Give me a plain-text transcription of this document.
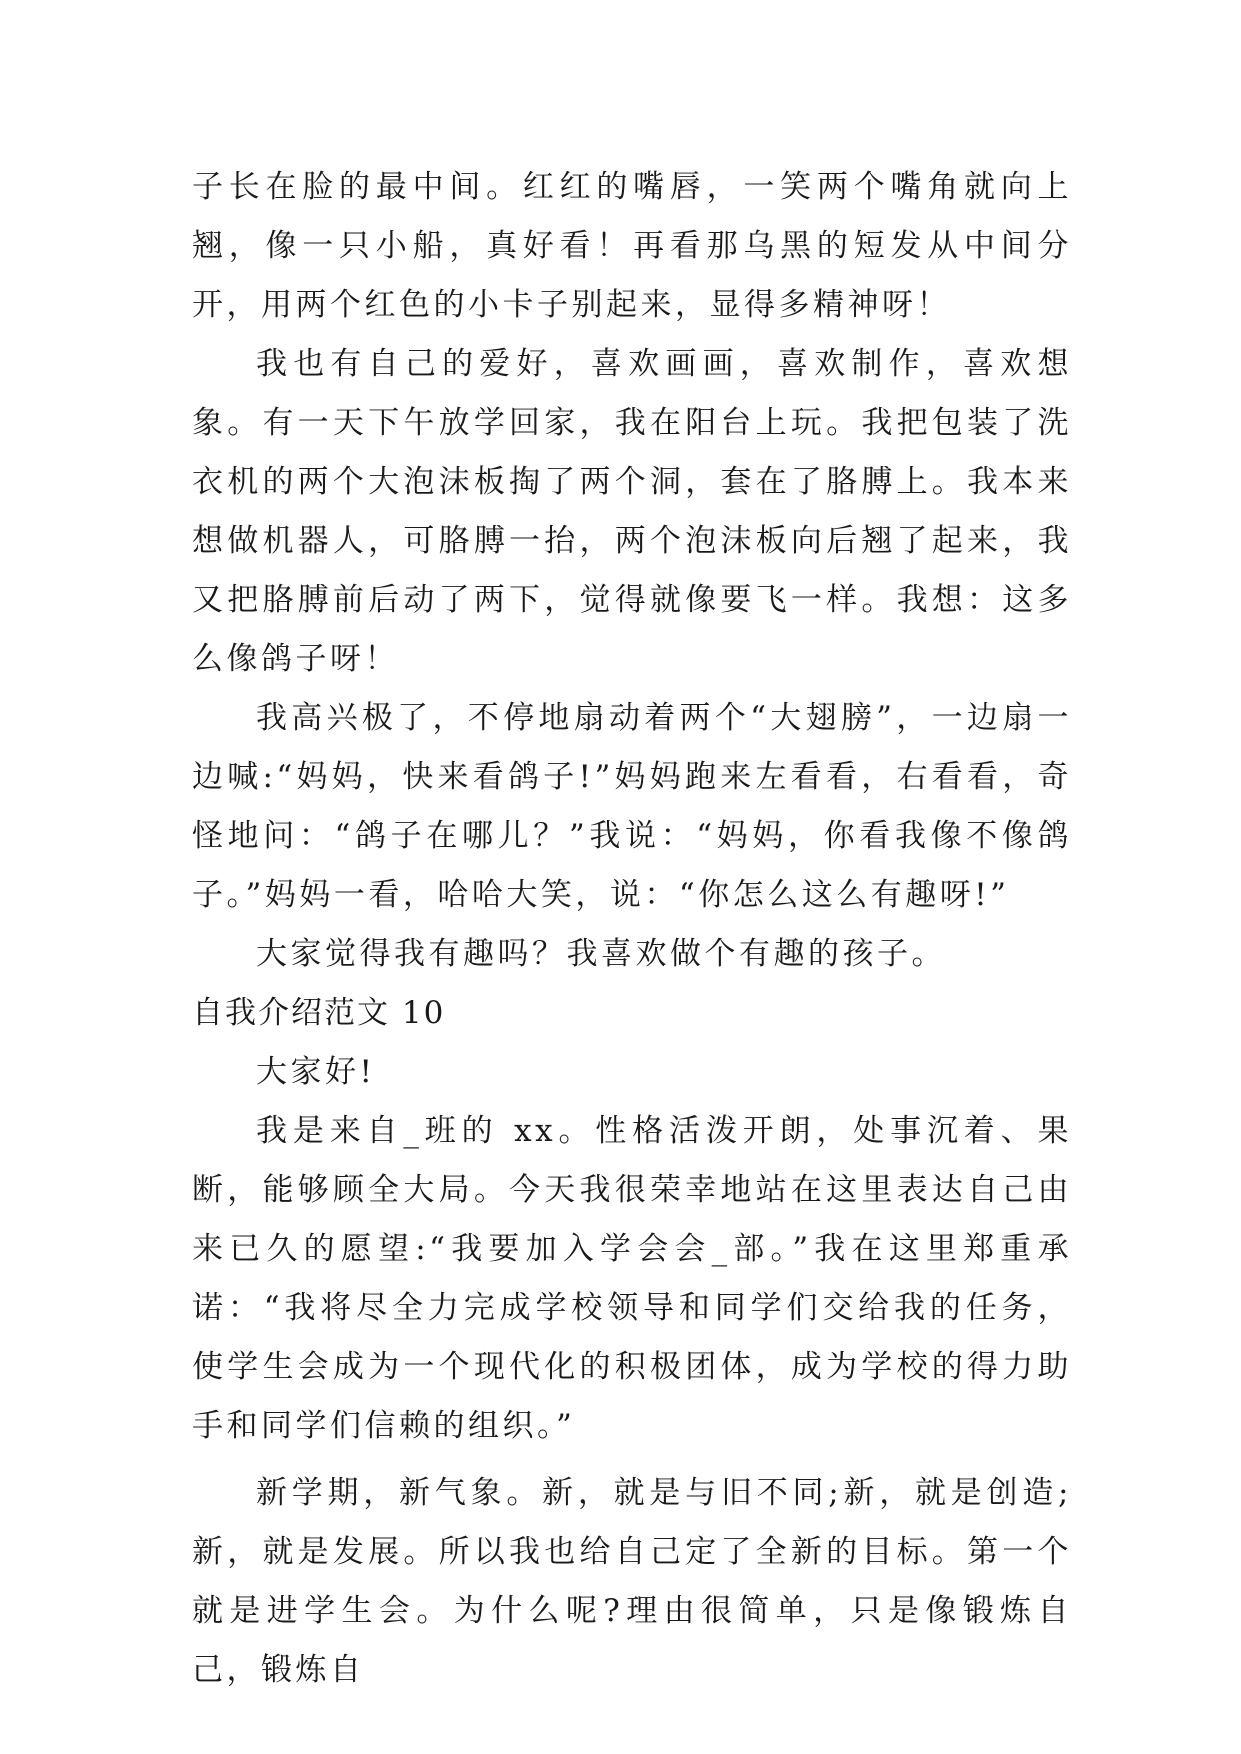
子长在脸的最中间。红红的嘴唇，一笑两个嘴角就向上翘，像一只小船，真好看！再看那乌黑的短发从中间分开，用两个红色的小卡子别起来，显得多精神呀！

我也有自己的爱好，喜欢画画，喜欢制作，喜欢想象。有一天下午放学回家，我在阳台上玩。我把包装了洗衣机的两个大泡沫板掏了两个洞，套在了胳膊上。我本来想做机器人，可胳膊一抬，两个泡沫板向后翘了起来，我又把胳膊前后动了两下，觉得就像要飞一样。我想：这多么像鸽子呀！

我高兴极了，不停地扇动着两个“大翅膀”，一边扇一边喊:“妈妈，快来看鸽子!”妈妈跑来左看看，右看看，奇怪地问：“鸽子在哪儿？”我说：“妈妈，你看我像不像鸽子。”妈妈一看，哈哈大笑，说：“你怎么这么有趣呀!”

大家觉得我有趣吗？我喜欢做个有趣的孩子。

自我介绍范文 10

大家好!

我是来自_班的 xx。性格活泼开朗，处事沉着、果断，能够顾全大局。今天我很荣幸地站在这里表达自己由来已久的愿望:“我要加入学会会_部。”我在这里郑重承诺：“我将尽全力完成学校领导和同学们交给我的任务，使学生会成为一个现代化的积极团体，成为学校的得力助手和同学们信赖的组织。”

新学期，新气象。新，就是与旧不同;新，就是创造;新，就是发展。所以我也给自己定了全新的目标。第一个就是进学生会。为什么呢?理由很简单，只是像锻炼自己，锻炼自
